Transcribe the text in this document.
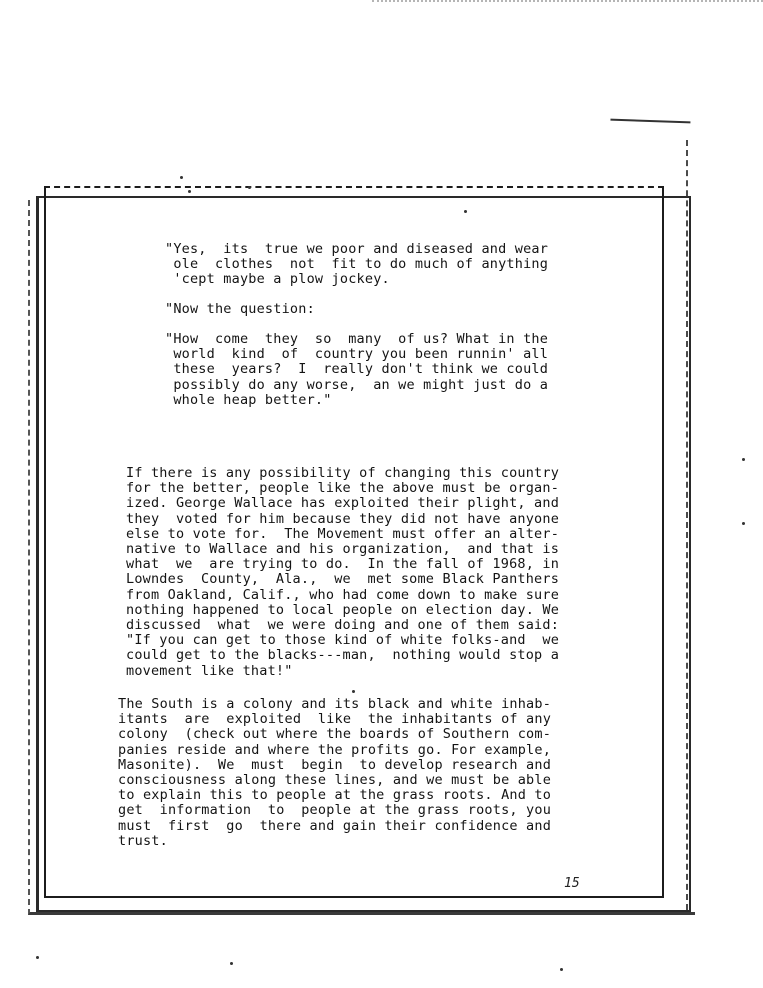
"Yes,  its  true we poor and diseased and wear
ole  clothes  not  fit to do much of anything
'cept maybe a plow jockey.
"Now the question:
"How  come  they  so  many  of us? What in the
world  kind  of  country you been runnin' all
these  years?  I  really don't think we could
possibly do any worse,  an we might just do a
whole heap better."
If there is any possibility of changing this country
for the better, people like the above must be organ-
ized. George Wallace has exploited their plight, and
they  voted for him because they did not have anyone
else to vote for.  The Movement must offer an alter-
native to Wallace and his organization,  and that is
what  we  are trying to do.  In the fall of 1968, in
Lowndes  County,  Ala.,  we  met some Black Panthers
from Oakland, Calif., who had come down to make sure
nothing happened to local people on election day. We
discussed  what  we were doing and one of them said:
"If you can get to those kind of white folks-and  we
could get to the blacks---man,  nothing would stop a
movement like that!"
The South is a colony and its black and white inhab-
itants  are  exploited  like  the inhabitants of any
colony  (check out where the boards of Southern com-
panies reside and where the profits go. For example,
Masonite).  We  must  begin  to develop research and
consciousness along these lines, and we must be able
to explain this to people at the grass roots. And to
get  information  to  people at the grass roots, you
must  first  go  there and gain their confidence and
trust.
15
